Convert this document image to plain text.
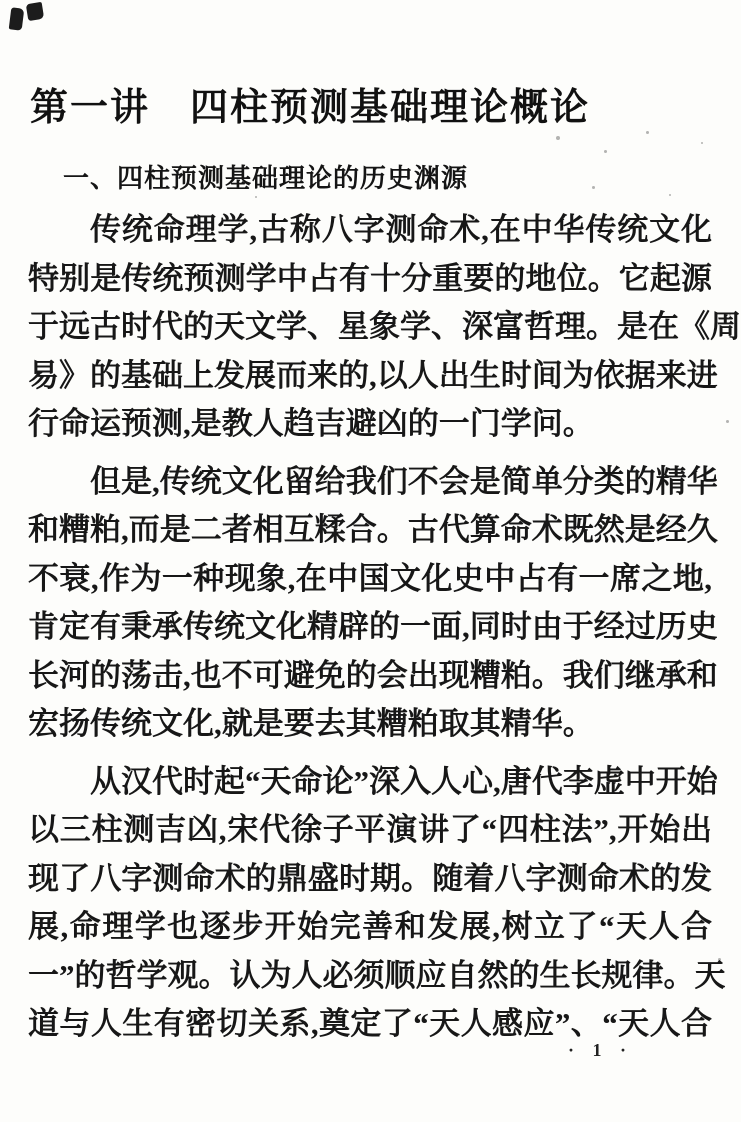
第一讲　四柱预测基础理论概论
一、四柱预测基础理论的历史渊源
传统命理学,古称八字测命术,在中华传统文化
特别是传统预测学中占有十分重要的地位。它起源
于远古时代的天文学、星象学、深富哲理。是在《周
易》的基础上发展而来的,以人出生时间为依据来进
行命运预测,是教人趋吉避凶的一门学问。
但是,传统文化留给我们不会是简单分类的精华
和糟粕,而是二者相互糅合。古代算命术既然是经久
不衰,作为一种现象,在中国文化史中占有一席之地,
肯定有秉承传统文化精辟的一面,同时由于经过历史
长河的荡击,也不可避免的会出现糟粕。我们继承和
宏扬传统文化,就是要去其糟粕取其精华。
从汉代时起“天命论”深入人心,唐代李虚中开始
以三柱测吉凶,宋代徐子平演讲了“四柱法”,开始出
现了八字测命术的鼎盛时期。随着八字测命术的发
展,命理学也逐步开始完善和发展,树立了“天人合
一”的哲学观。认为人必须顺应自然的生长规律。天
道与人生有密切关系,奠定了“天人感应”、“天人合
· 1 ·
